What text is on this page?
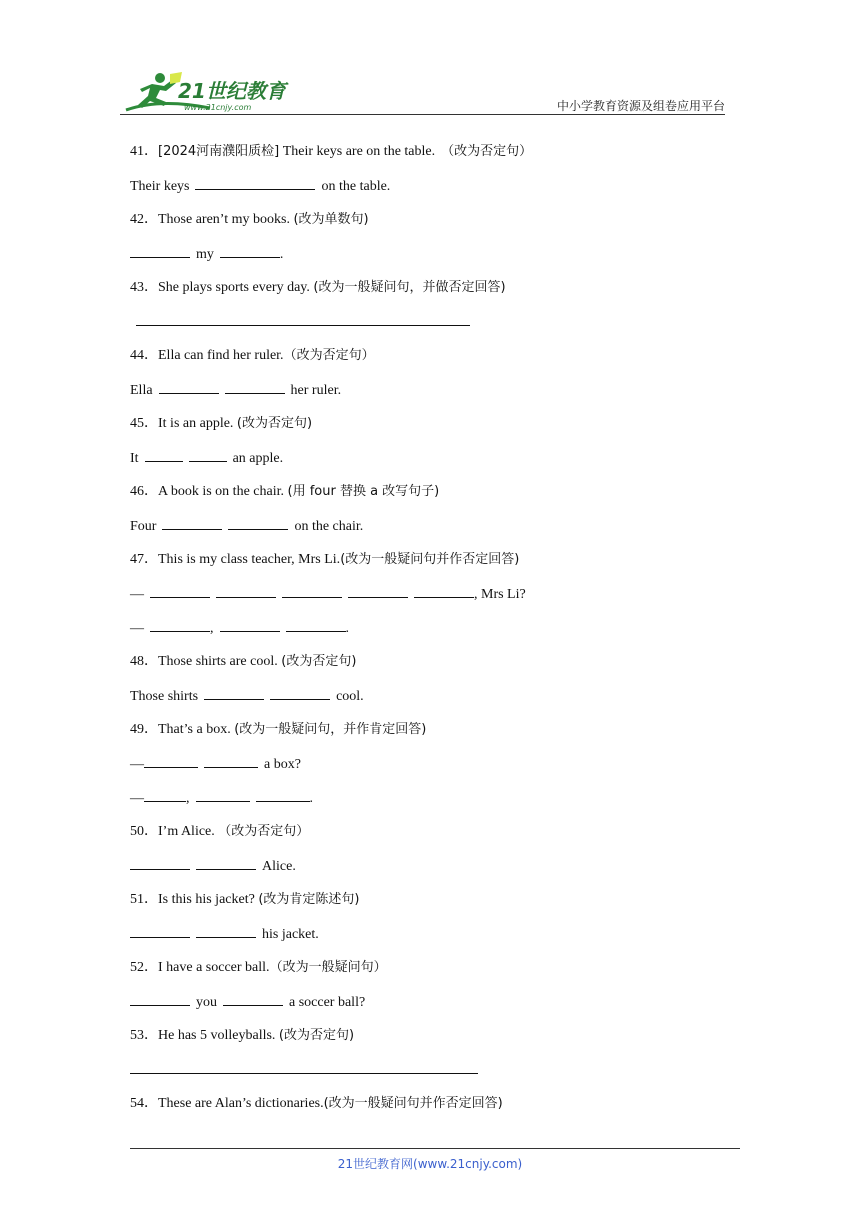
21世纪教育
www.21cnjy.com	中小学教育资源及组卷应用平台
41．[2024河南濮阳质检] Their keys are on the table. （改为否定句）
Their keys	on the table.
42．Those aren’t my books. (改为单数句)
my	.
43．She plays sports every day. (改为一般疑问句，并做否定回答)
44．Ella can find her ruler.（改为否定句）
Ella	her ruler.
45．It is an apple. (改为否定句)
It	an apple.
46．A book is on the chair. (用 four 替换 a 改写句子)
Four	on the chair.
47．This is my class teacher, Mrs Li.(改为一般疑问句并作否定回答)
—	, Mrs Li?
—	,	.
48．Those shirts are cool. (改为否定句)
Those shirts	cool.
49．That’s a box. (改为一般疑问句，并作肯定回答)
—	a box?
—	,	.
50．I’m Alice. （改为否定句）
Alice.
51．Is this his jacket? (改为肯定陈述句)
his jacket.
52．I have a soccer ball.（改为一般疑问句）
you	a soccer ball?
53．He has 5 volleyballs. (改为否定句)
54．These are Alan’s dictionaries.(改为一般疑问句并作否定回答)
21世纪教育网(www.21cnjy.com)
